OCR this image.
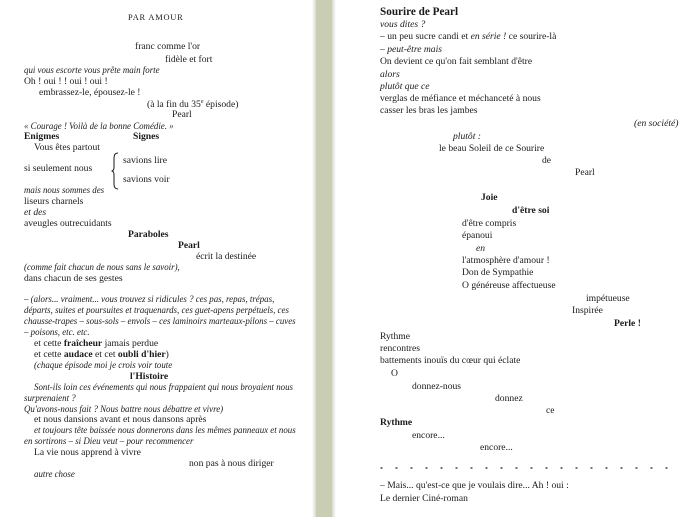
PAR AMOUR
franc comme l'or
fidèle et fort
qui vous escorte vous prête main forte
Oh ! oui ! ! oui ! oui !
embrassez-le, épousez-le !
(à la fin du 35e épisode)
Pearl
« Courage ! Voilà de la bonne Comédie. »
Enigmes	Signes
Vous êtes partout
si seulement nous
savions lire
savions voir
mais nous sommes des
liseurs charnels
et des
aveugles outrecuidants
Paraboles
Pearl
écrit la destinée
(comme fait chacun de nous sans le savoir),
dans chacun de ses gestes
– (alors... vraiment... vous trouvez si ridicules ? ces pas, repas, trépas,
départs, suites et poursuites et traquenards, ces guet-apens perpétuels, ces
chausse-trapes – sous-sols – envols – ces laminoirs marteaux-pilons – cuves
– poisons, etc. etc.
et cette fraîcheur jamais perdue
et cette audace et cet oubli d'hier)
(chaque épisode moi je crois voir toute
l'Histoire
Sont-ils loin ces événements qui nous frappaient qui nous broyaient nous
surprenaient ?
Qu'avons-nous fait ? Nous battre nous débattre et vivre)
et nous dansions avant et nous dansons après
et toujours tête baissée nous donnerons dans les mêmes panneaux et nous
en sortirons – si Dieu veut – pour recommencer
La vie nous apprend à vivre
non pas à nous diriger
autre chose
Sourire de Pearl
vous dites ?
– un peu sucre candi et en série ! ce sourire-là
– peut-être mais
On devient ce qu'on fait semblant d'être
alors
plutôt que ce
verglas de méfiance et méchanceté à nous
casser les bras les jambes
(en société)
plutôt :
le beau Soleil de ce Sourire
de
Pearl
Joie
d'être soi
d'être compris
épanoui
en
l'atmosphère d'amour !
Don de Sympathie
O généreuse affectueuse
impétueuse
Inspirée
Perle !
Rythme
rencontres
battements inouïs du cœur qui éclate
O
donnez-nous
donnez
ce
Rythme
encore...
encore...
– Mais... qu'est-ce que je voulais dire... Ah ! oui :
Le dernier Ciné-roman
